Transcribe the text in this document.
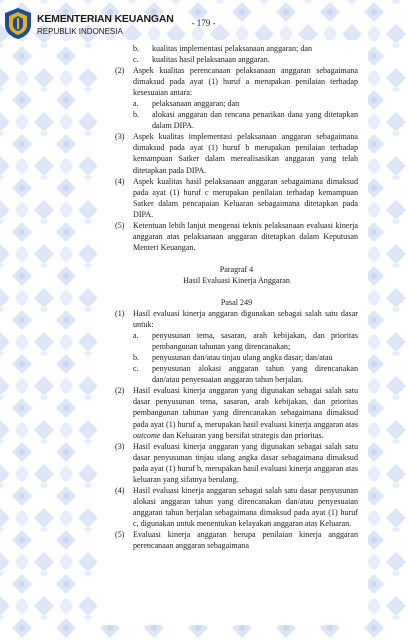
KEMENTERIAN KEUANGAN
REPUBLIK INDONESIA
- 179 -
b. kualitas implementasi pelaksanaan anggaran; dan
c. kualitas hasil pelaksanaan anggaran.
(2) Aspek kualitas perencanaan pelaksanaan anggaran sebagaimana dimaksud pada ayat (1) huruf a merupakan penilaian terhadap kesesuaian antara:
a. pelaksanaan anggaran; dan
b. alokasi anggaran dan rencana penarikan dana yang ditetapkan dalam DIPA.
(3) Aspek kualitas implementasi pelaksanaan anggaran sebagaimana dimaksud pada ayat (1) huruf b merupakan penilaian terhadap kemampuan Satker dalam merealisasikan anggaran yang telah ditetapkan pada DIPA.
(4) Aspek kualitas hasil pelaksanaan anggaran sebagaimana dimaksud pada ayat (1) huruf c merupakan penilaian terhadap kemampuan Satker dalam pencapaian Keluaran sebagaimana ditetapkan pada DIPA.
(5) Ketentuan lebih lanjut mengenai teknis pelaksanaan evaluasi kinerja anggaran atas pelaksanaan anggaran ditetapkan dalam Keputusan Menteri Keuangan.
Paragraf 4
Hasil Evaluasi Kinerja Anggaran
Pasal 249
(1) Hasil evaluasi kinerja anggaran digunakan sebagai salah satu dasar untuk:
a. penyusunan tema, sasaran, arah kebijakan, dan prioritas pembangunan tahunan yang direncanakan;
b. penyusunan dan/atau tinjau ulang angka dasar; dan/atau
c. penyusunan alokasi anggaran tahun yang direncanakan dan/atau penyesuaian anggaran tahun berjalan.
(2) Hasil evaluasi kinerja anggaran yang digunakan sebagai salah satu dasar penyusunan tema, sasaran, arah kebijakan, dan prioritas pembangunan tahunan yang direncanakan sebagaimana dimaksud pada ayat (1) huruf a, merupakan hasil evaluasi kinerja anggaran atas outcome dan Keluaran yang bersifat strategis dan prioritas.
(3) Hasil evaluasi kinerja anggaran yang digunakan sebagai salah satu dasar penyusunan tinjau ulang angka dasar sebagaimana dimaksud pada ayat (1) huruf b, merupakan hasil evaluasi kinerja anggaran atas keluaran yang sifatnya berulang.
(4) Hasil evaluasi kinerja anggaran sebagai salah satu dasar penyusunan alokasi anggaran tahun yang direncanakan dan/atau penyesuaian anggaran tahun berjalan sebagaimana dimaksud pada ayat (1) huruf c, digunakan untuk menentukan kelayakan anggaran atas Keluaran.
(5) Evaluasi kinerja anggaran berupa penilaian kinerja anggaran perencanaan anggaran sebagaimana
